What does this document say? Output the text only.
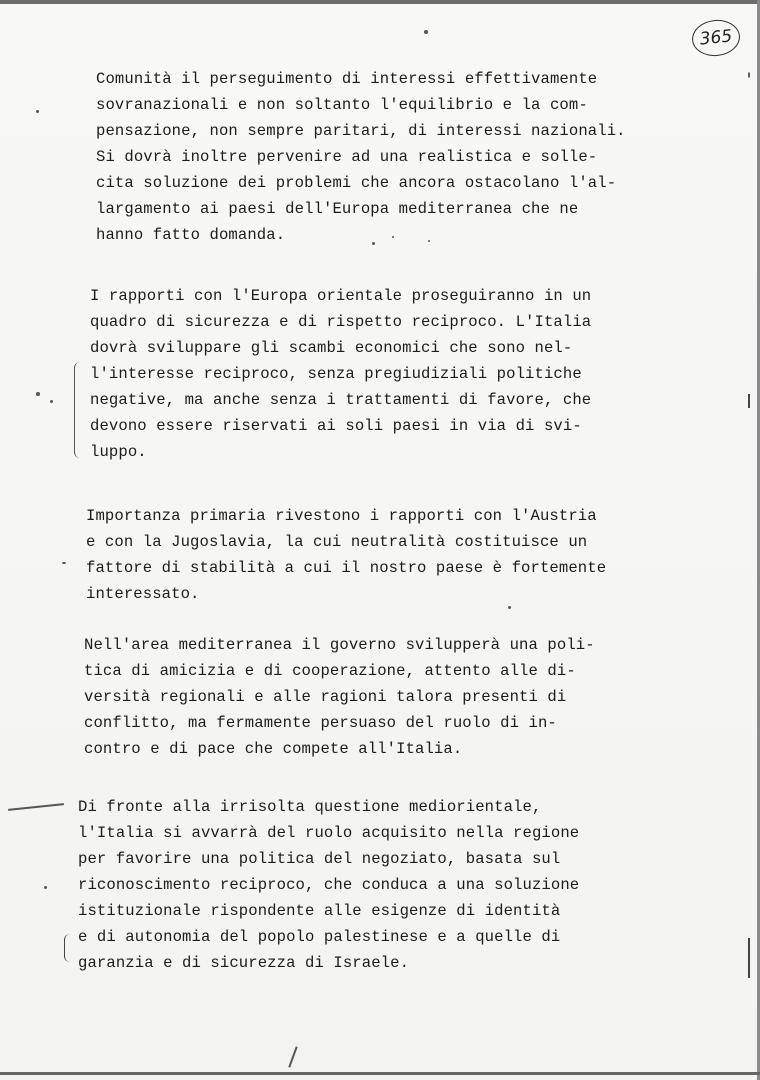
365
Comunità il perseguimento di interessi effettivamente
sovranazionali e non soltanto l'equilibrio e la com-
pensazione, non sempre paritari, di interessi nazionali.
Si dovrà inoltre pervenire ad una realistica e solle-
cita soluzione dei problemi che ancora ostacolano l'al-
largamento ai paesi dell'Europa mediterranea che ne
hanno fatto domanda.
I rapporti con l'Europa orientale proseguiranno in un
quadro di sicurezza e di rispetto reciproco. L'Italia
dovrà sviluppare gli scambi economici che sono nel-
l'interesse reciproco, senza pregiudiziali politiche
negative, ma anche senza i trattamenti di favore, che
devono essere riservati ai soli paesi in via di svi-
luppo.
Importanza primaria rivestono i rapporti con l'Austria
e con la Jugoslavia, la cui neutralità costituisce un
fattore di stabilità a cui il nostro paese è fortemente
interessato.
Nell'area mediterranea il governo svilupperà una poli-
tica di amicizia e di cooperazione, attento alle di-
versità regionali e alle ragioni talora presenti di
conflitto, ma fermamente persuaso del ruolo di in-
contro e di pace che compete all'Italia.
Di fronte alla irrisolta questione mediorientale,
l'Italia si avvarrà del ruolo acquisito nella regione
per favorire una politica del negoziato, basata sul
riconoscimento reciproco, che conduca a una soluzione
istituzionale rispondente alle esigenze di identità
e di autonomia del popolo palestinese e a quelle di
garanzia e di sicurezza di Israele.
